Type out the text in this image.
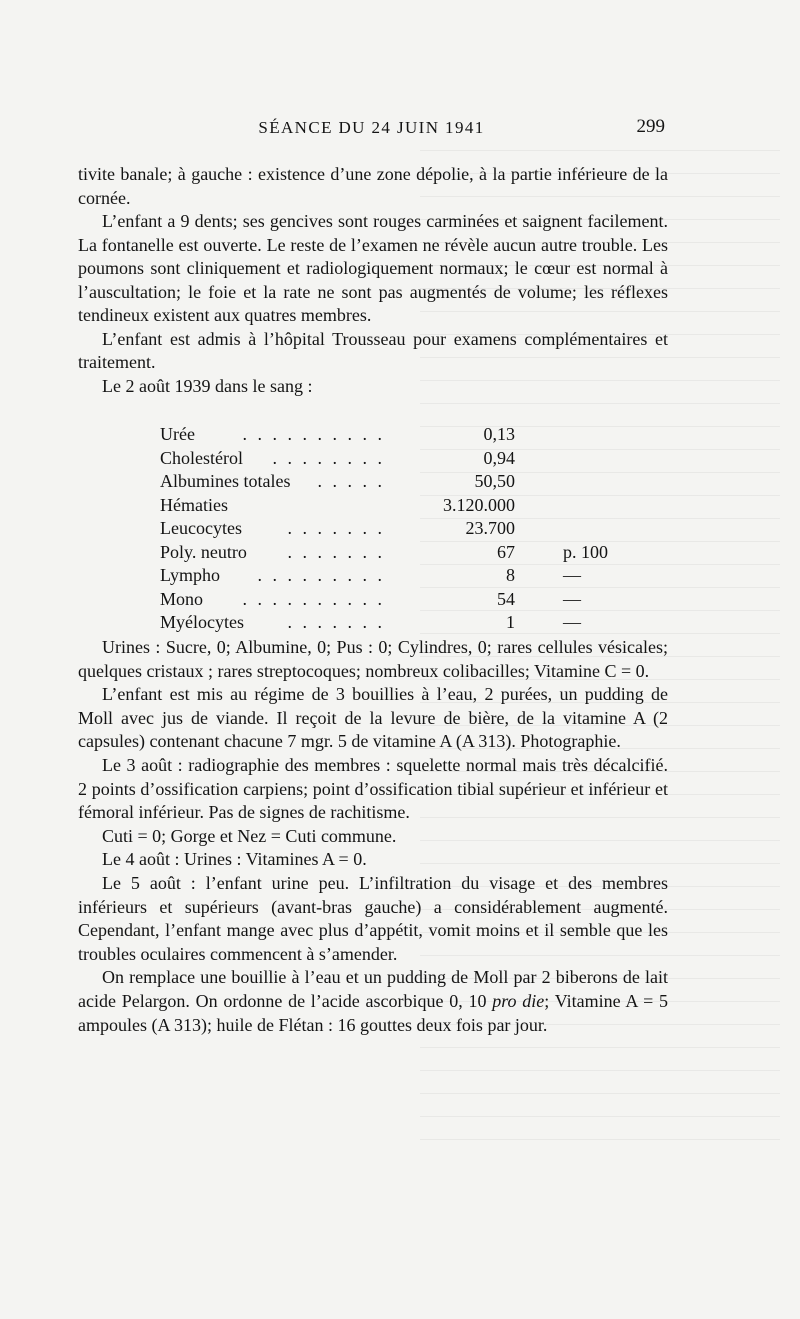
SÉANCE DU 24 JUIN 1941	299

tivite banale; à gauche : existence d’une zone dépolie, à la partie inférieure de la cornée.

L’enfant a 9 dents; ses gencives sont rouges carminées et saignent facilement. La fontanelle est ouverte. Le reste de l’examen ne révèle aucun autre trouble. Les poumons sont cliniquement et radiologiquement normaux; le cœur est normal à l’auscultation; le foie et la rate ne sont pas augmentés de volume; les réflexes tendineux existent aux quatres membres.

L’enfant est admis à l’hôpital Trousseau pour examens complémentaires et traitement.

Le 2 août 1939 dans le sang :

Urée	. . . . . . . . . .	0,13
Cholestérol	. . . . . . . .	0,94
Albumines totales	. . . . .	50,50
Hématies	3.120.000
Leucocytes	. . . . . . .	23.700
Poly. neutro	. . . . . . .	67	p. 100
Lympho	. . . . . . . . .	8	—
Mono	. . . . . . . . . .	54	—
Myélocytes	. . . . . . .	1	—

Urines : Sucre, 0; Albumine, 0; Pus : 0; Cylindres, 0; rares cellules vésicales; quelques cristaux ; rares streptocoques; nombreux colibacilles; Vitamine C = 0.

L’enfant est mis au régime de 3 bouillies à l’eau, 2 purées, un pudding de Moll avec jus de viande. Il reçoit de la levure de bière, de la vitamine A (2 capsules) contenant chacune 7 mgr. 5 de vitamine A (A 313). Photographie.

Le 3 août : radiographie des membres : squelette normal mais très décalcifié. 2 points d’ossification carpiens; point d’ossification tibial supérieur et inférieur et fémoral inférieur. Pas de signes de rachitisme.

Cuti = 0; Gorge et Nez = Cuti commune.

Le 4 août : Urines : Vitamines A = 0.

Le 5 août : l’enfant urine peu. L’infiltration du visage et des membres inférieurs et supérieurs (avant-bras gauche) a considérablement augmenté. Cependant, l’enfant mange avec plus d’appétit, vomit moins et il semble que les troubles oculaires commencent à s’amender.

On remplace une bouillie à l’eau et un pudding de Moll par 2 biberons de lait acide Pelargon. On ordonne de l’acide ascorbique 0, 10 pro die; Vitamine A = 5 ampoules (A 313); huile de Flétan : 16 gouttes deux fois par jour.
